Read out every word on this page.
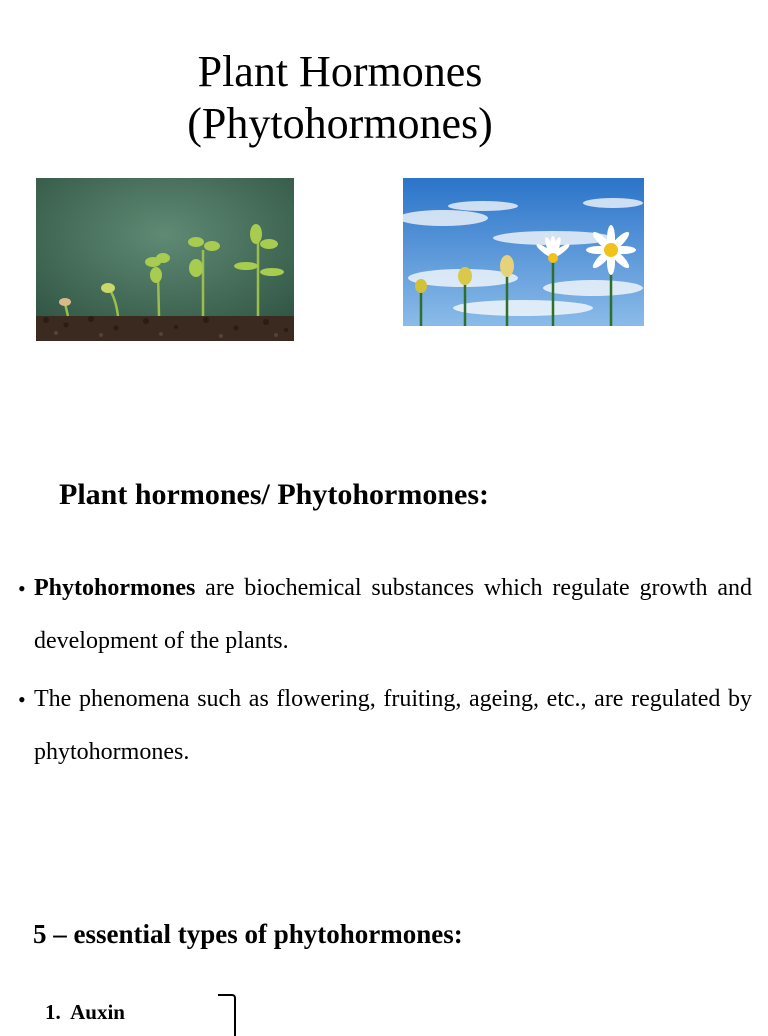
Plant Hormones
(Phytohormones)
Plant hormones/ Phytohormones:
• Phytohormones are biochemical substances which regulate growth and development of the plants.
• The phenomena such as flowering, fruiting, ageing, etc., are regulated by phytohormones.
5 – essential types of phytohormones:
1. Auxin
